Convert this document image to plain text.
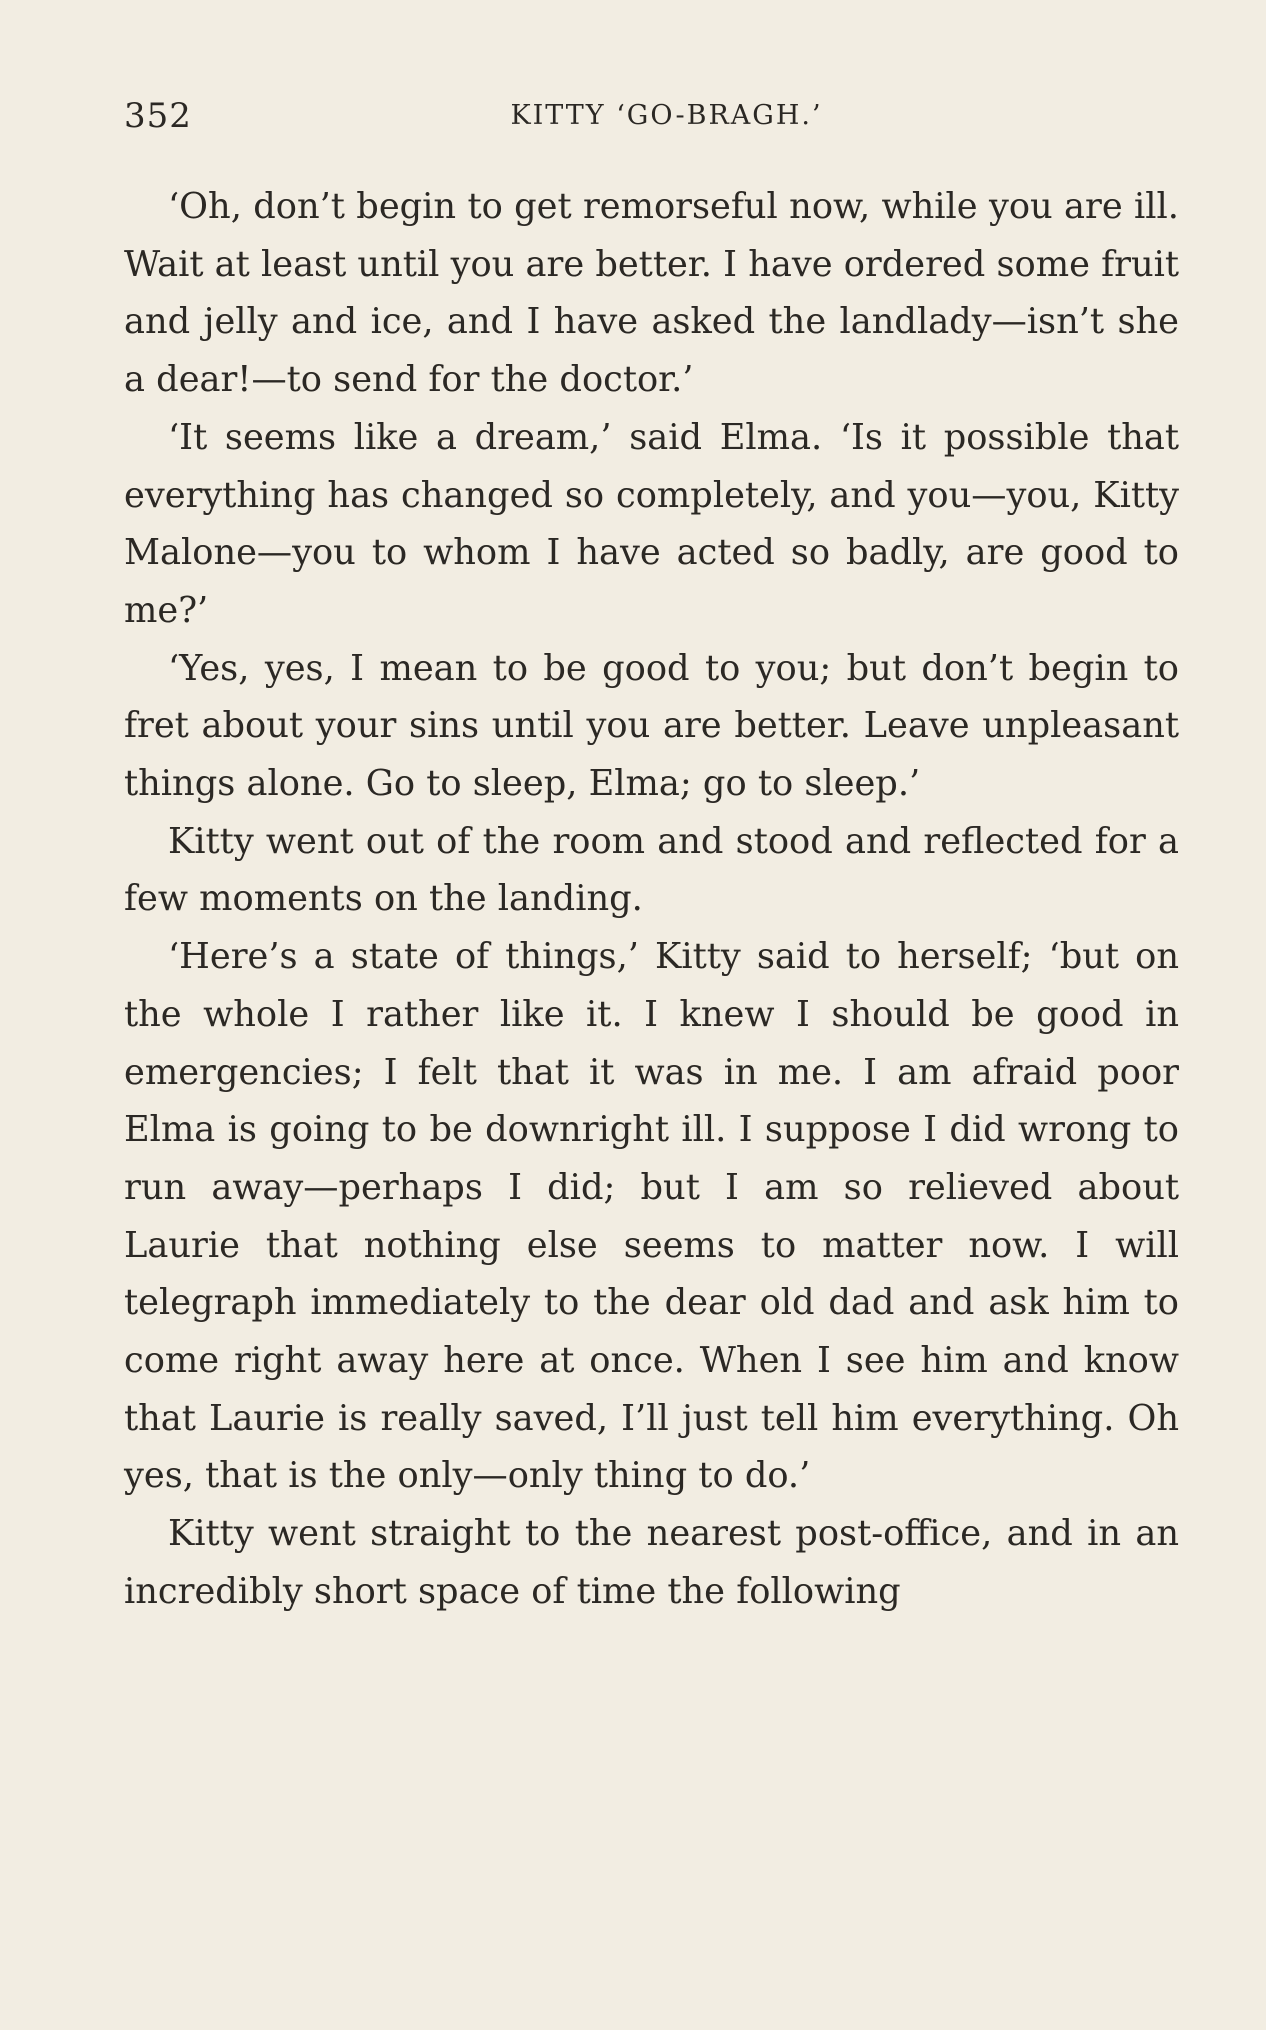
352	KITTY ‘GO-BRAGH.’

‘Oh, don’t begin to get remorseful now, while you are ill. Wait at least until you are better. I have ordered some fruit and jelly and ice, and I have asked the landlady—isn’t she a dear!—to send for the doctor.’

‘It seems like a dream,’ said Elma. ‘Is it possible that everything has changed so completely, and you—you, Kitty Malone—you to whom I have acted so badly, are good to me?’

‘Yes, yes, I mean to be good to you; but don’t begin to fret about your sins until you are better. Leave unpleasant things alone. Go to sleep, Elma; go to sleep.’

Kitty went out of the room and stood and reflected for a few moments on the landing.

‘Here’s a state of things,’ Kitty said to herself; ‘but on the whole I rather like it. I knew I should be good in emergencies; I felt that it was in me. I am afraid poor Elma is going to be downright ill. I suppose I did wrong to run away—perhaps I did; but I am so relieved about Laurie that nothing else seems to matter now. I will telegraph immediately to the dear old dad and ask him to come right away here at once. When I see him and know that Laurie is really saved, I’ll just tell him everything. Oh yes, that is the only—only thing to do.’

Kitty went straight to the nearest post-office, and in an incredibly short space of time the following
